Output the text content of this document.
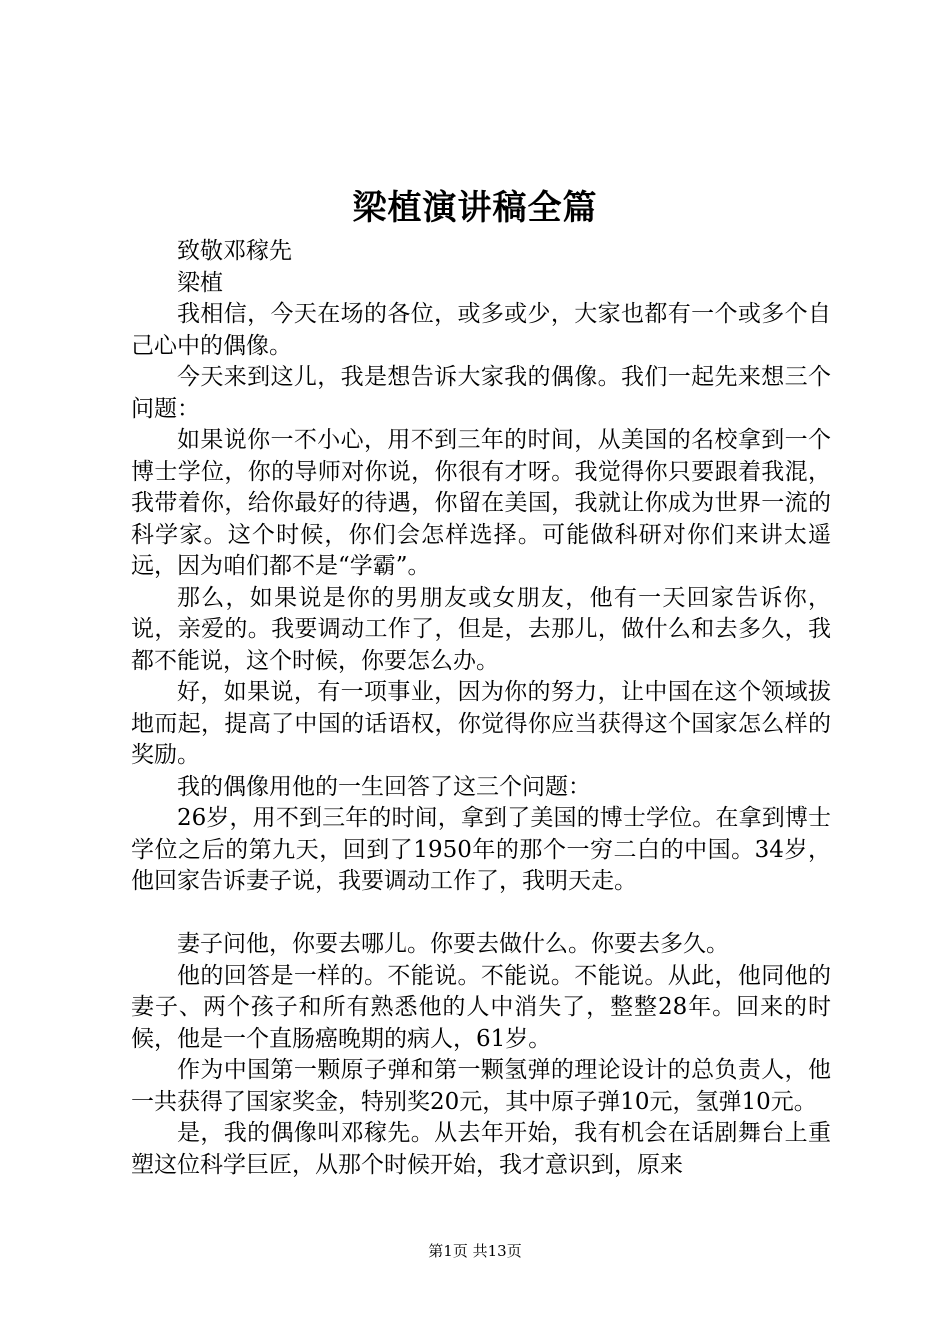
梁植演讲稿全篇

致敬邓稼先

梁植

我相信，今天在场的各位，或多或少，大家也都有一个或多个自己心中的偶像。

今天来到这儿，我是想告诉大家我的偶像。我们一起先来想三个问题：

如果说你一不小心，用不到三年的时间，从美国的名校拿到一个博士学位，你的导师对你说，你很有才呀。我觉得你只要跟着我混，我带着你，给你最好的待遇，你留在美国，我就让你成为世界一流的科学家。这个时候，你们会怎样选择。可能做科研对你们来讲太遥远，因为咱们都不是“学霸”。

那么，如果说是你的男朋友或女朋友，他有一天回家告诉你，说，亲爱的。我要调动工作了，但是，去那儿，做什么和去多久，我都不能说，这个时候，你要怎么办。

好，如果说，有一项事业，因为你的努力，让中国在这个领域拔地而起，提高了中国的话语权，你觉得你应当获得这个国家怎么样的奖励。

我的偶像用他的一生回答了这三个问题：

26岁，用不到三年的时间，拿到了美国的博士学位。在拿到博士学位之后的第九天，回到了1950年的那个一穷二白的中国。34岁，他回家告诉妻子说，我要调动工作了，我明天走。

妻子问他，你要去哪儿。你要去做什么。你要去多久。

他的回答是一样的。不能说。不能说。不能说。从此，他同他的妻子、两个孩子和所有熟悉他的人中消失了，整整28年。回来的时候，他是一个直肠癌晚期的病人，61岁。

作为中国第一颗原子弹和第一颗氢弹的理论设计的总负责人，他一共获得了国家奖金，特别奖20元，其中原子弹10元，氢弹10元。

是，我的偶像叫邓稼先。从去年开始，我有机会在话剧舞台上重塑这位科学巨匠，从那个时候开始，我才意识到，原来

第1页 共13页
